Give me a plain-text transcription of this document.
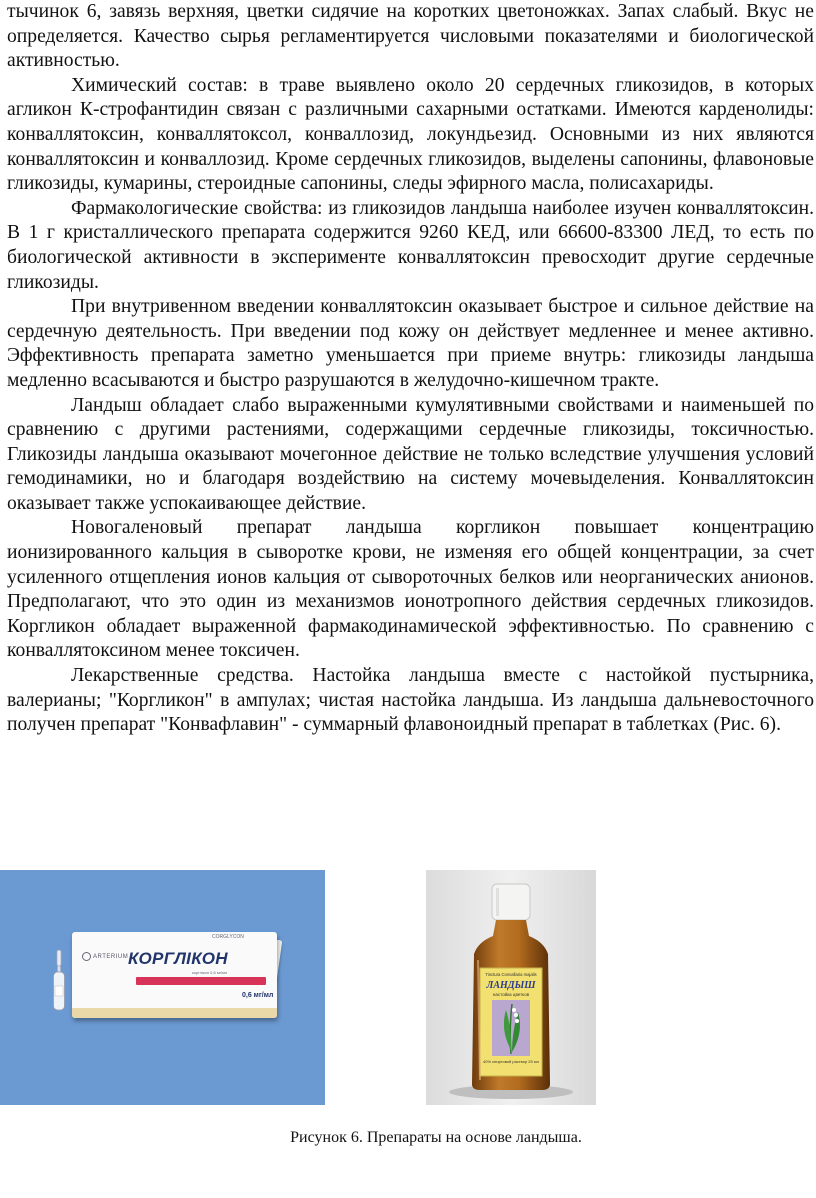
тычинок 6, завязь верхняя, цветки сидячие на коротких цветоножках. Запах слабый. Вкус не определяется. Качество сырья регламентируется числовыми показателями и биологической активностью.

Химический состав: в траве выявлено около 20 сердечных гликозидов, в которых агликон К-строфантидин связан с различными сахарными остатками. Имеются карденолиды: конваллятоксин, конваллятоксол, конваллозид, локундьезид. Основными из них являются конваллятоксин и конваллозид. Кроме сердечных гликозидов, выделены сапонины, флавоновые гликозиды, кумарины, стероидные сапонины, следы эфирного масла, полисахариды.

Фармакологические свойства: из гликозидов ландыша наиболее изучен конваллятоксин. В 1 г кристаллического препарата содержится 9260 КЕД, или 66600-83300 ЛЕД, то есть по биологической активности в эксперименте конваллятоксин превосходит другие сердечные гликозиды.

При внутривенном введении конваллятоксин оказывает быстрое и сильное действие на сердечную деятельность. При введении под кожу он действует медленнее и менее активно. Эффективность препарата заметно уменьшается при приеме внутрь: гликозиды ландыша медленно всасываются и быстро разрушаются в желудочно-кишечном тракте.

Ландыш обладает слабо выраженными кумулятивными свойствами и наименьшей по сравнению с другими растениями, содержащими сердечные гликозиды, токсичностью. Гликозиды ландыша оказывают мочегонное действие не только вследствие улучшения условий гемодинамики, но и благодаря воздействию на систему мочевыделения. Конваллятоксин оказывает также успокаивающее действие.

Новогаленовый препарат ландыша коргликон повышает концентрацию ионизированного кальция в сыворотке крови, не изменяя его общей концентрации, за счет усиленного отщепления ионов кальция от сывороточных белков или неорганических анионов. Предполагают, что это один из механизмов ионотропного действия сердечных гликозидов. Коргликон обладает выраженной фармакодинамической эффективностью. По сравнению с конваллятоксином менее токсичен.

Лекарственные средства. Настойка ландыша вместе с настойкой пустырника, валерианы; "Коргликон" в ампулах; чистая настойка ландыша. Из ландыша дальневосточного получен препарат "Конвафлавин" - суммарный флавоноидный препарат в таблетках (Рис. 6).

CORGLYCON
ARTERIUM КОРГЛІКОН
корглікон 0,6 мг/мл
0,6 мг/мл
Tinctura Convallaria majalis
ЛАНДЫШ
настойка цветков
40% спиртовой раствор 25 мл
Рисунок 6. Препараты на основе ландыша.
